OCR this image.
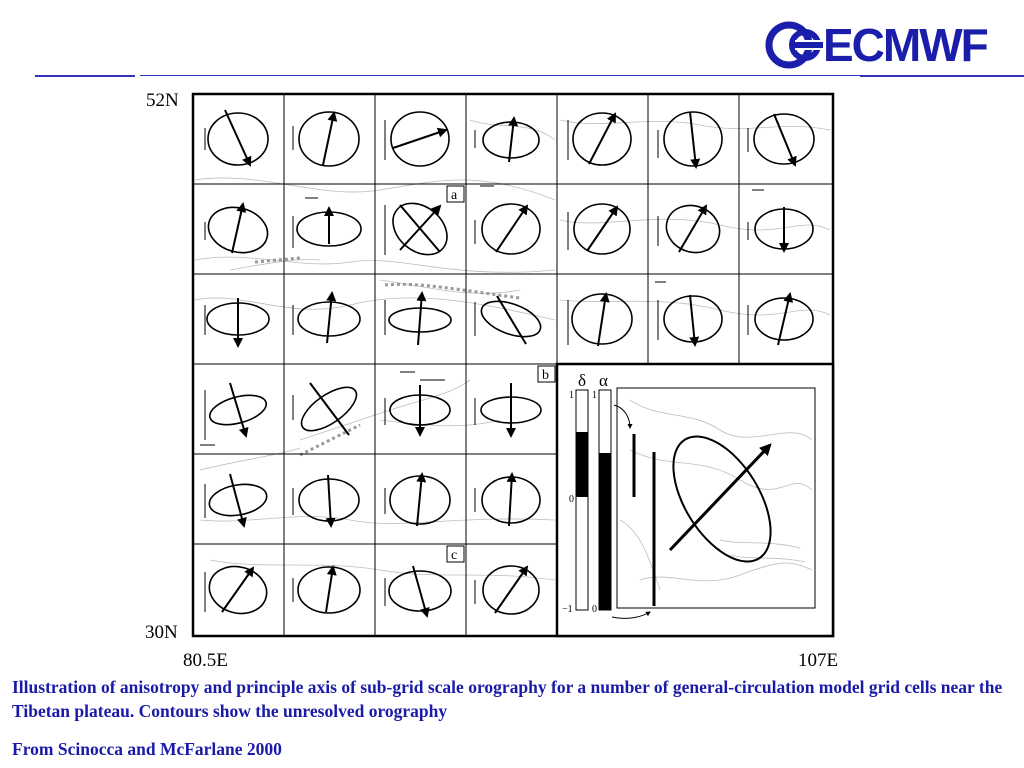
ECMWF
52N
30N
80.5E	107E
a
b
c
δ α
1
0
−1
1
0
Illustration of anisotropy and principle axis of sub-grid scale orography for a number of general-circulation model grid cells near the Tibetan plateau. Contours show the unresolved orography
From Scinocca and McFarlane 2000
